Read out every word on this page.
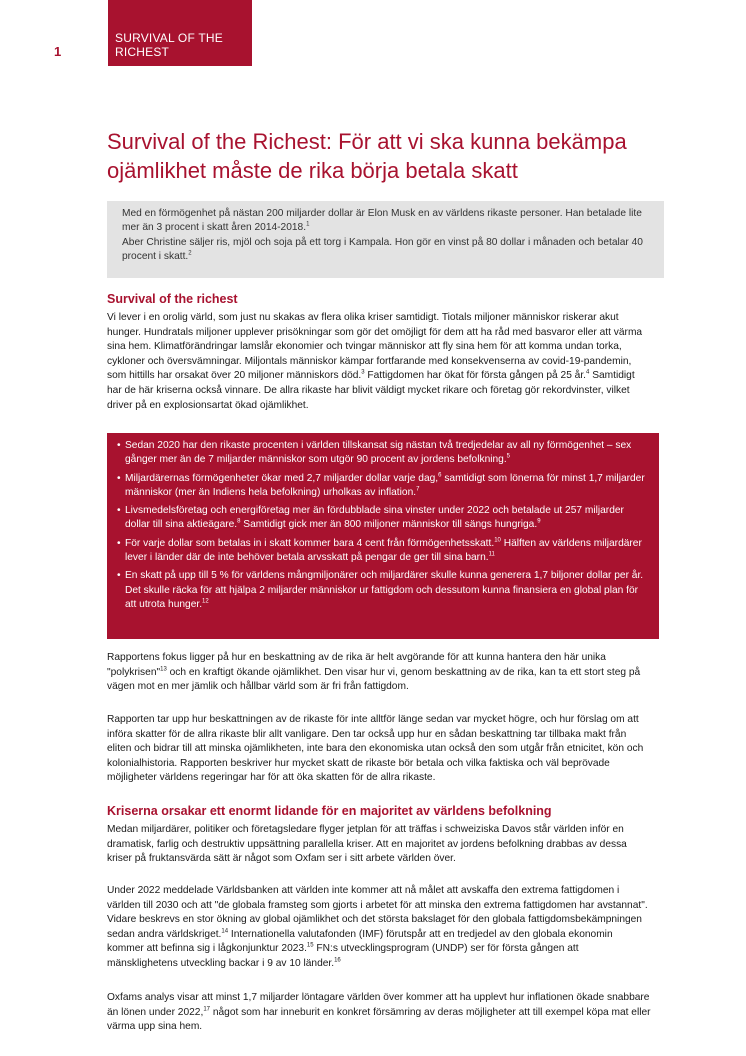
1
SURVIVAL OF THE RICHEST
Survival of the Richest: För att vi ska kunna bekämpa ojämlikhet måste de rika börja betala skatt

Med en förmögenhet på nästan 200 miljarder dollar är Elon Musk en av världens rikaste personer. Han betalade lite mer än 3 procent i skatt åren 2014-2018.$^1$

Aber Christine säljer ris, mjöl och soja på ett torg i Kampala. Hon gör en vinst på 80 dollar i månaden och betalar 40 procent i skatt.$^2$

Survival of the richest

Vi lever i en orolig värld, som just nu skakas av flera olika kriser samtidigt. Tiotals miljoner människor riskerar akut hunger. Hundratals miljoner upplever prisökningar som gör det omöjligt för dem att ha råd med basvaror eller att värma sina hem. Klimatförändringar lamslår ekonomier och tvingar människor att fly sina hem för att komma undan torka, cykloner och översvämningar. Miljontals människor kämpar fortfarande med konsekvenserna av covid-19-pandemin, som hittills har orsakat över 20 miljoner människors död.$^3$ Fattigdomen har ökat för första gången på 25 år.$^4$ Samtidigt har de här kriserna också vinnare. De allra rikaste har blivit väldigt mycket rikare och företag gör rekordvinster, vilket driver på en explosionsartat ökad ojämlikhet.

• Sedan 2020 har den rikaste procenten i världen tillskansat sig nästan två tredjedelar av all ny förmögenhet – sex gånger mer än de 7 miljarder människor som utgör 90 procent av jordens befolkning.$^5$
• Miljardärernas förmögenheter ökar med 2,7 miljarder dollar varje dag,$^6$ samtidigt som lönerna för minst 1,7 miljarder människor (mer än Indiens hela befolkning) urholkas av inflation.$^7$
• Livsmedelsföretag och energiföretag mer än fördubblade sina vinster under 2022 och betalade ut 257 miljarder dollar till sina aktieägare.$^8$ Samtidigt gick mer än 800 miljoner människor till sängs hungriga.$^9$
• För varje dollar som betalas in i skatt kommer bara 4 cent från förmögenhetsskatt.$^{10}$ Hälften av världens miljardärer lever i länder där de inte behöver betala arvsskatt på pengar de ger till sina barn.$^{11}$
• En skatt på upp till 5 % för världens mångmiljonärer och miljardärer skulle kunna generera 1,7 biljoner dollar per år. Det skulle räcka för att hjälpa 2 miljarder människor ur fattigdom och dessutom kunna finansiera en global plan för att utrota hunger.$^{12}$

Rapportens fokus ligger på hur en beskattning av de rika är helt avgörande för att kunna hantera den här unika "polykrisen"$^{13}$ och en kraftigt ökande ojämlikhet. Den visar hur vi, genom beskattning av de rika, kan ta ett stort steg på vägen mot en mer jämlik och hållbar värld som är fri från fattigdom.

Rapporten tar upp hur beskattningen av de rikaste för inte alltför länge sedan var mycket högre, och hur förslag om att införa skatter för de allra rikaste blir allt vanligare. Den tar också upp hur en sådan beskattning tar tillbaka makt från eliten och bidrar till att minska ojämlikheten, inte bara den ekonomiska utan också den som utgår från etnicitet, kön och kolonialhistoria. Rapporten beskriver hur mycket skatt de rikaste bör betala och vilka faktiska och väl beprövade möjligheter världens regeringar har för att öka skatten för de allra rikaste.

Kriserna orsakar ett enormt lidande för en majoritet av världens befolkning

Medan miljardärer, politiker och företagsledare flyger jetplan för att träffas i schweiziska Davos står världen inför en dramatisk, farlig och destruktiv uppsättning parallella kriser. Att en majoritet av jordens befolkning drabbas av dessa kriser på fruktansvärda sätt är något som Oxfam ser i sitt arbete världen över.

Under 2022 meddelade Världsbanken att världen inte kommer att nå målet att avskaffa den extrema fattigdomen i världen till 2030 och att "de globala framsteg som gjorts i arbetet för att minska den extrema fattigdomen har avstannat". Vidare beskrevs en stor ökning av global ojämlikhet och det största bakslaget för den globala fattigdomsbekämpningen sedan andra världskriget.$^{14}$ Internationella valutafonden (IMF) förutspår att en tredjedel av den globala ekonomin kommer att befinna sig i lågkonjunktur 2023.15 FN:s utvecklingsprogram (UNDP) ser för första gången att mänsklighetens utveckling backar i 9 av 10 länder.$^{16}$

Oxfams analys visar att minst 1,7 miljarder löntagare världen över kommer att ha upplevt hur inflationen ökade snabbare än lönen under 2022,17 något som har inneburit en konkret försämring av deras möjligheter att till exempel köpa mat eller värma upp sina hem.
